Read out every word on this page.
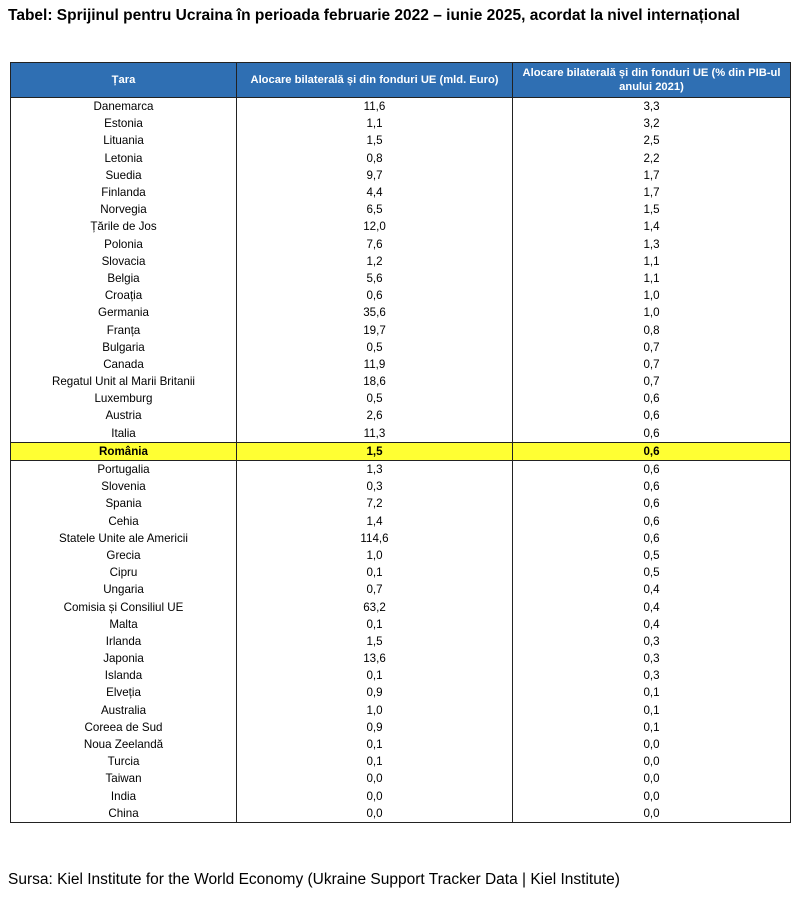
Tabel: Sprijinul pentru Ucraina în perioada februarie 2022 – iunie 2025, acordat la nivel internațional

Țara	Alocare bilaterală și din fonduri UE (mld. Euro)	Alocare bilaterală și din fonduri UE (% din PIB-ul anului 2021)
Danemarca	11,6	3,3
Estonia	1,1	3,2
Lituania	1,5	2,5
Letonia	0,8	2,2
Suedia	9,7	1,7
Finlanda	4,4	1,7
Norvegia	6,5	1,5
Țările de Jos	12,0	1,4
Polonia	7,6	1,3
Slovacia	1,2	1,1
Belgia	5,6	1,1
Croația	0,6	1,0
Germania	35,6	1,0
Franța	19,7	0,8
Bulgaria	0,5	0,7
Canada	11,9	0,7
Regatul Unit al Marii Britanii	18,6	0,7
Luxemburg	0,5	0,6
Austria	2,6	0,6
Italia	11,3	0,6
România	1,5	0,6
Portugalia	1,3	0,6
Slovenia	0,3	0,6
Spania	7,2	0,6
Cehia	1,4	0,6
Statele Unite ale Americii	114,6	0,6
Grecia	1,0	0,5
Cipru	0,1	0,5
Ungaria	0,7	0,4
Comisia și Consiliul UE	63,2	0,4
Malta	0,1	0,4
Irlanda	1,5	0,3
Japonia	13,6	0,3
Islanda	0,1	0,3
Elveția	0,9	0,1
Australia	1,0	0,1
Coreea de Sud	0,9	0,1
Noua Zeelandă	0,1	0,0
Turcia	0,1	0,0
Taiwan	0,0	0,0
India	0,0	0,0
China	0,0	0,0

Sursa: Kiel Institute for the World Economy (Ukraine Support Tracker Data | Kiel Institute)
